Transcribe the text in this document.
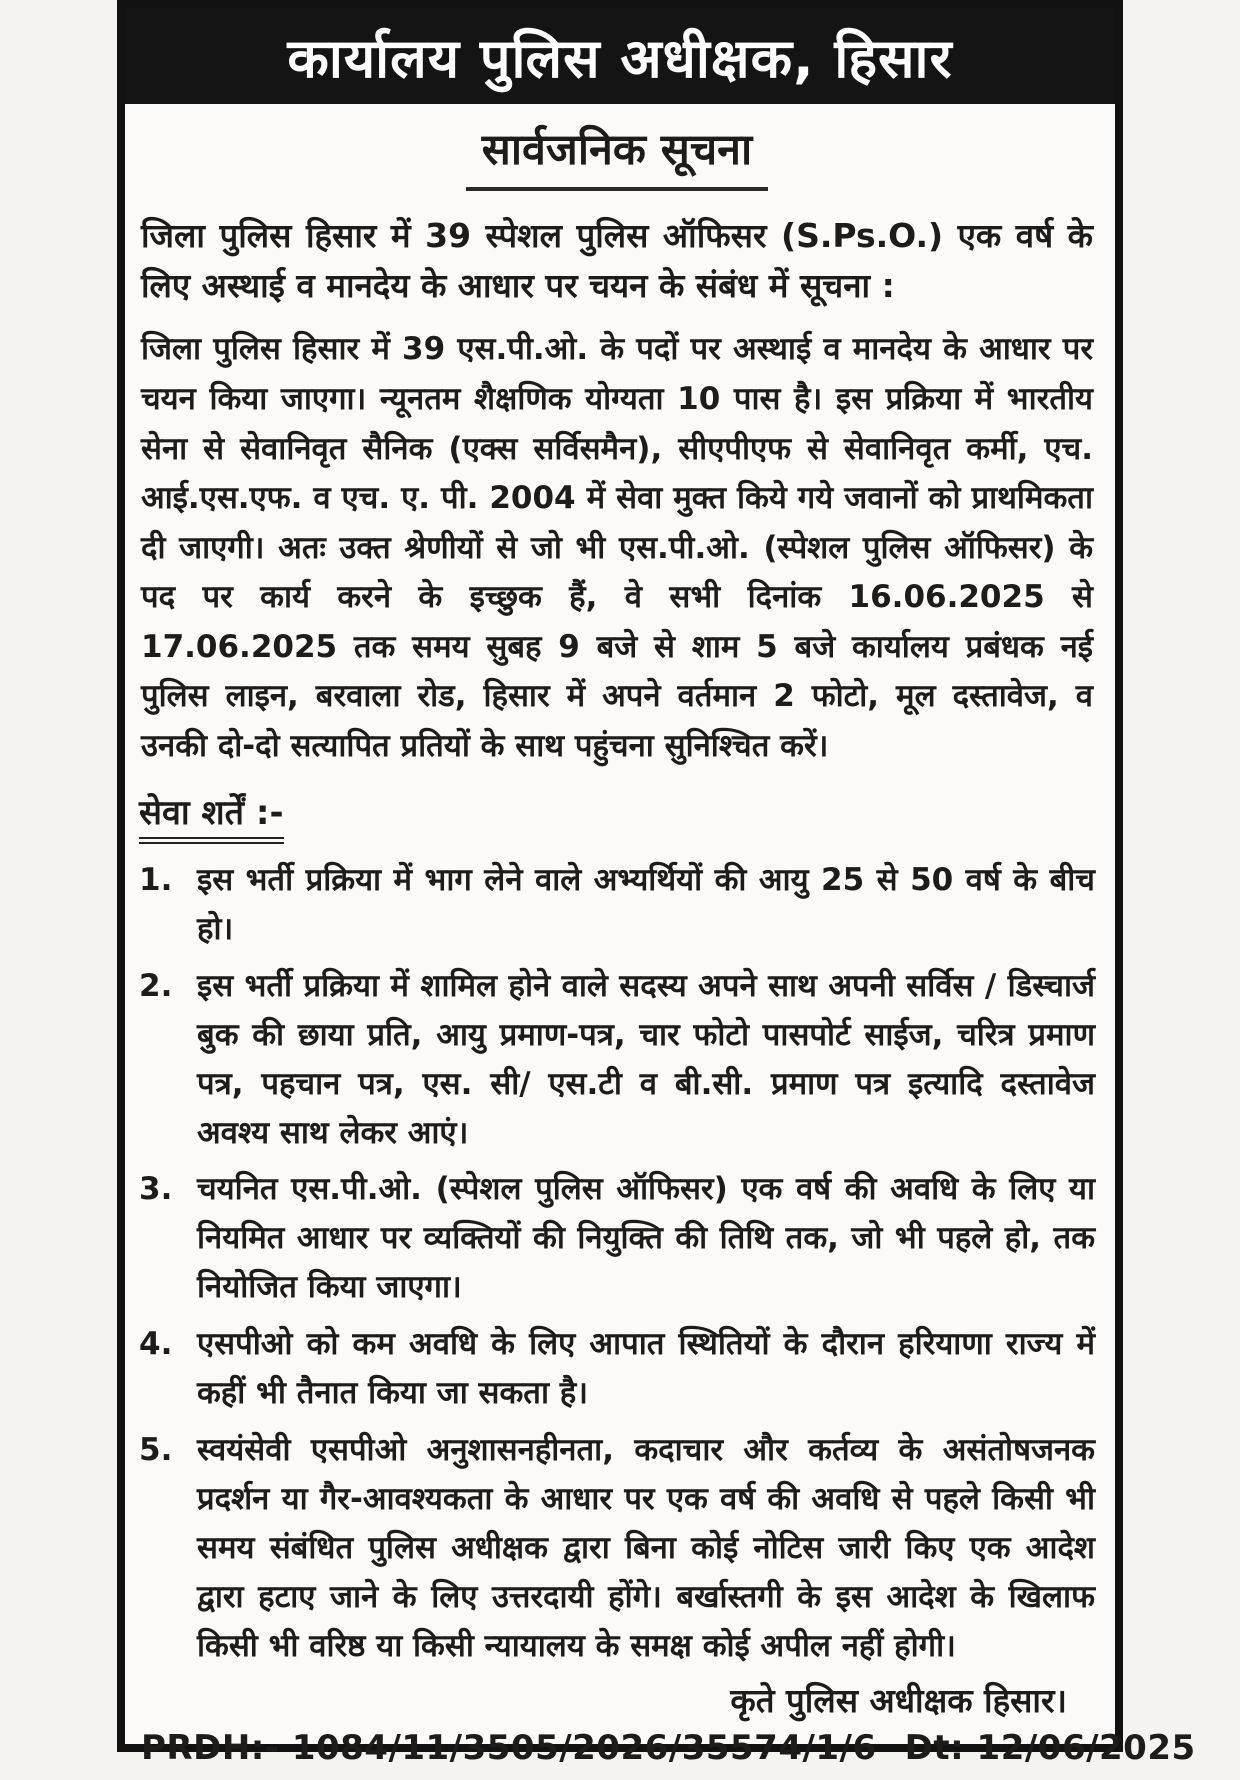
कार्यालय पुलिस अधीक्षक, हिसार
सार्वजनिक सूचना

जिला पुलिस हिसार में 39 स्पेशल पुलिस ऑफिसर (S.Ps.O.) एक वर्ष के लिए अस्थाई व मानदेय के आधार पर चयन के संबंध में सूचना :

जिला पुलिस हिसार में 39 एस.पी.ओ. के पदों पर अस्थाई व मानदेय के आधार पर चयन किया जाएगा। न्यूनतम शैक्षणिक योग्यता 10 पास है। इस प्रक्रिया में भारतीय सेना से सेवानिवृत सैनिक (एक्स सर्विसमैन), सीएपीएफ से सेवानिवृत कर्मी, एच. आई.एस.एफ. व एच. ए. पी. 2004 में सेवा मुक्त किये गये जवानों को प्राथमिकता दी जाएगी। अतः उक्त श्रेणीयों से जो भी एस.पी.ओ. (स्पेशल पुलिस ऑफिसर) के पद पर कार्य करने के इच्छुक हैं, वे सभी दिनांक 16.06.2025 से 17.06.2025 तक समय सुबह 9 बजे से शाम 5 बजे कार्यालय प्रबंधक नई पुलिस लाइन, बरवाला रोड, हिसार में अपने वर्तमान 2 फोटो, मूल दस्तावेज, व उनकी दो-दो सत्यापित प्रतियों के साथ पहुंचना सुनिश्चित करें।

सेवा शर्तें :-
1. इस भर्ती प्रक्रिया में भाग लेने वाले अभ्यर्थियों की आयु 25 से 50 वर्ष के बीच हो।
2. इस भर्ती प्रक्रिया में शामिल होने वाले सदस्य अपने साथ अपनी सर्विस / डिस्चार्ज बुक की छाया प्रति, आयु प्रमाण-पत्र, चार फोटो पासपोर्ट साईज, चरित्र प्रमाण पत्र, पहचान पत्र, एस. सी/ एस.टी व बी.सी. प्रमाण पत्र इत्यादि दस्तावेज अवश्य साथ लेकर आएं।
3. चयनित एस.पी.ओ. (स्पेशल पुलिस ऑफिसर) एक वर्ष की अवधि के लिए या नियमित आधार पर व्यक्तियों की नियुक्ति की तिथि तक, जो भी पहले हो, तक नियोजित किया जाएगा।
4. एसपीओ को कम अवधि के लिए आपात स्थितियों के दौरान हरियाणा राज्य में कहीं भी तैनात किया जा सकता है।
5. स्वयंसेवी एसपीओ अनुशासनहीनता, कदाचार और कर्तव्य के असंतोषजनक प्रदर्शन या गैर-आवश्यकता के आधार पर एक वर्ष की अवधि से पहले किसी भी समय संबंधित पुलिस अधीक्षक द्वारा बिना कोई नोटिस जारी किए एक आदेश द्वारा हटाए जाने के लिए उत्तरदायी होंगे। बर्खास्तगी के इस आदेश के खिलाफ किसी भी वरिष्ठ या किसी न्यायालय के समक्ष कोई अपील नहीं होगी।
कृते पुलिस अधीक्षक हिसार।
PRDH:- 1084/11/3505/2026/35574/1/6 Dt: 12/06/2025
